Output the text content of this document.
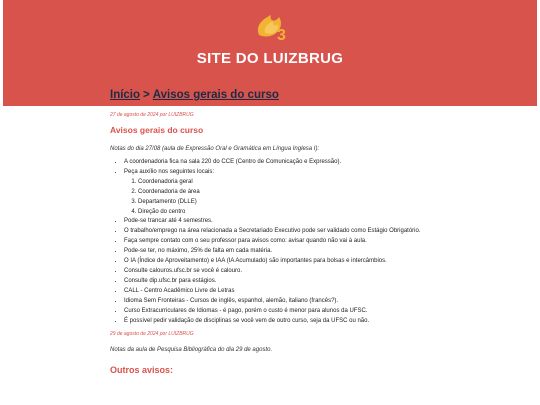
3
SITE DO LUIZBRUG

Início > Avisos gerais do curso

27 de agosto de 2024 por LUIZBRUG

Avisos gerais do curso

Notas do dia 27/08 (aula de Expressão Oral e Gramática em Língua Inglesa I):

• A coordenadoria fica na sala 220 do CCE (Centro de Comunicação e Expressão).
• Peça auxílio nos seguintes locais:
1. Coordenadoria geral
2. Coordenadoria de área
3. Departamento (DLLE)
4. Direção do centro
• Pode-se trancar até 4 semestres.
• O trabalho/emprego na área relacionada a Secretariado Executivo pode ser validado como Estágio Obrigatório.
• Faça sempre contato com o seu professor para avisos como: avisar quando não vai à aula.
• Pode-se ter, no máximo, 25% de falta em cada matéria.
• O IA (Índice de Aproveitamento) e IAA (IA Acumulado) são importantes para bolsas e intercâmbios.
• Consulte calouros.ufsc.br se você é calouro.
• Consulte dip.ufsc.br para estágios.
• CALL - Centro Acadêmico Livre de Letras
• Idioma Sem Fronteiras - Cursos de inglês, espanhol, alemão, italiano (francês?).
• Curso Extracurriculares de Idiomas - é pago, porém o custo é menor para alunos da UFSC.
• É possível pedir validação de disciplinas se você vem de outro curso, seja da UFSC ou não.

29 de agosto de 2024 por LUIZBRUG

Notas da aula de Pesquisa Bibliográfica do dia 29 de agosto.

Outros avisos:
